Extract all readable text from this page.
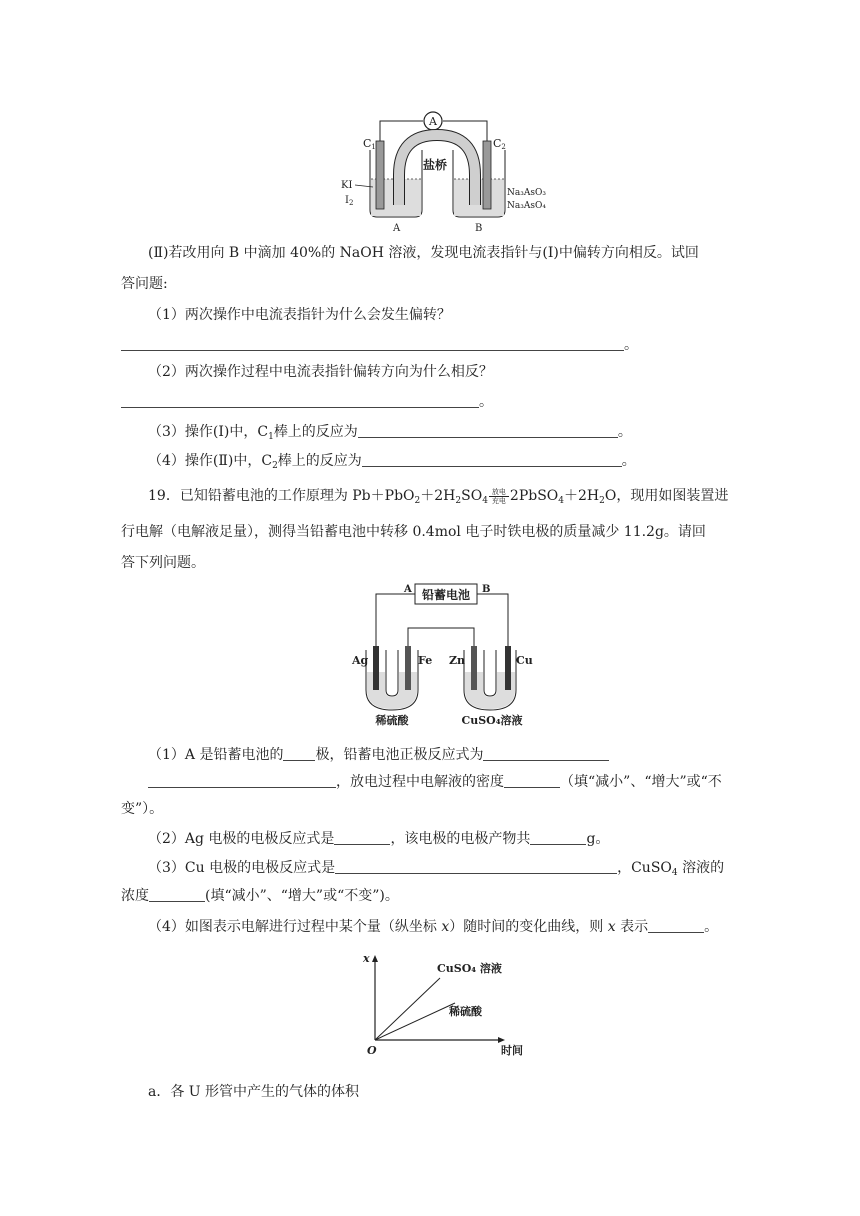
A
盐桥
C1	C2
KI
$I_2$
Na₃AsO₃
Na₃AsO₄
A	B
(Ⅱ)若改用向 B 中滴加 40%的 NaOH 溶液，发现电流表指针与(Ⅰ)中偏转方向相反。试回
答问题:
（1）两次操作中电流表指针为什么会发生偏转？
。
（2）两次操作过程中电流表指针偏转方向为什么相反？
。
（3）操作(Ⅰ)中，$C_1$棒上的反应为	。
（4）操作(Ⅱ)中，$C_2$棒上的反应为	。
19．已知铅蓄电池的工作原理为 $Pb+PbO_2+2H_2SO_4 \frac{\text{放电}}{\text{充电}}$ $2PbSO_4+2H_2O$，现用如图装置进
行电解（电解液足量），测得当铅蓄电池中转移 0.4mol 电子时铁电极的质量减少 11.2g。请回
答下列问题。
铅蓄电池
A	B
Ag	Fe Zn	Cu
稀硫酸	CuSO₄溶液
（1）A 是铅蓄电池的 极，铅蓄电池正极反应式为
，放电过程中电解液的密度	（填“减小”、“增大”或“不
变”）。
（2）Ag 电极的电极反应式是	，该电极的电极产物共	g。
（3）Cu 电极的电极反应式是	，CuSO$_4$ 溶液的
浓度	(填“减小”、“增大”或“不变”)。
（4）如图表示电解进行过程中某个量（纵坐标 x）随时间的变化曲线，则 x 表示	。
x
O	时间
CuSO₄ 溶液
稀硫酸
a．各 U 形管中产生的气体的体积
